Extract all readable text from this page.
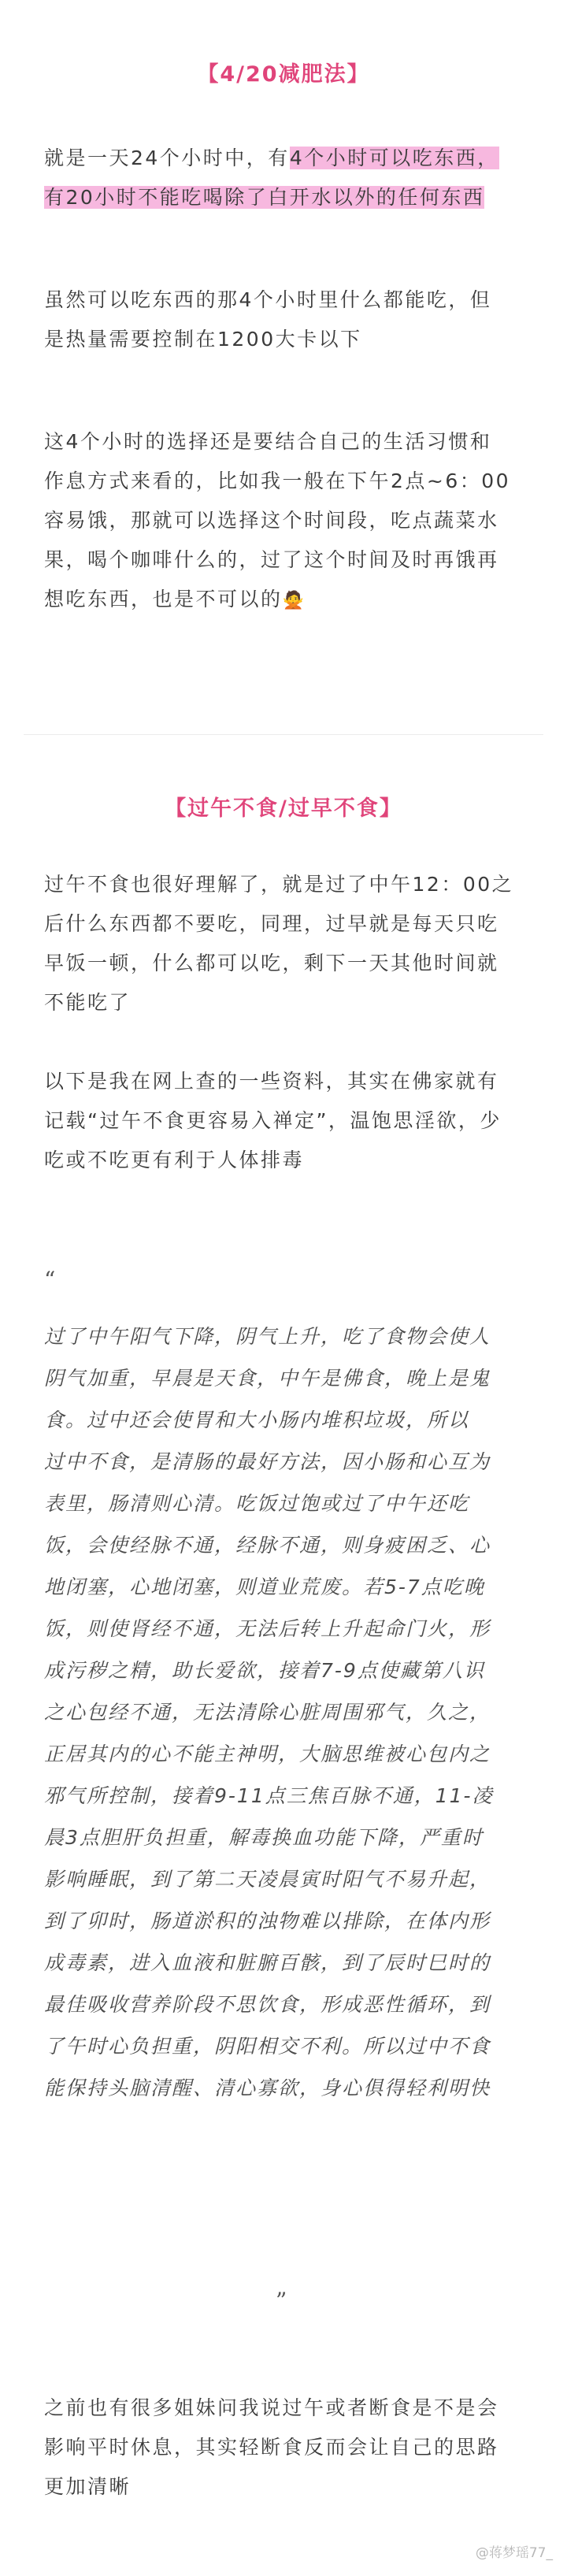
【4/20减肥法】
就是一天24个小时中，有4个小时可以吃东西，
有20小时不能吃喝除了白开水以外的任何东西
虽然可以吃东西的那4个小时里什么都能吃，但
是热量需要控制在1200大卡以下
这4个小时的选择还是要结合自己的生活习惯和
作息方式来看的，比如我一般在下午2点~6：00
容易饿，那就可以选择这个时间段，吃点蔬菜水
果，喝个咖啡什么的，过了这个时间及时再饿再
想吃东西，也是不可以的🙅
【过午不食/过早不食】
过午不食也很好理解了，就是过了中午12：00之
后什么东西都不要吃，同理，过早就是每天只吃
早饭一顿，什么都可以吃，剩下一天其他时间就
不能吃了
以下是我在网上查的一些资料，其实在佛家就有
记载“过午不食更容易入禅定”，温饱思淫欲，少
吃或不吃更有利于人体排毒
“
过了中午阳气下降，阴气上升，吃了食物会使人
阴气加重，早晨是天食，中午是佛食，晚上是鬼
食。过中还会使胃和大小肠内堆积垃圾，所以
过中不食，是清肠的最好方法，因小肠和心互为
表里，肠清则心清。吃饭过饱或过了中午还吃
饭，会使经脉不通，经脉不通，则身疲困乏、心
地闭塞，心地闭塞，则道业荒废。若5-7点吃晚
饭，则使肾经不通，无法后转上升起命门火，形
成污秽之精，助长爱欲，接着7-9点使藏第八识
之心包经不通，无法清除心脏周围邪气，久之，
正居其内的心不能主神明，大脑思维被心包内之
邪气所控制，接着9-11点三焦百脉不通，11-凌
晨3点胆肝负担重，解毒换血功能下降，严重时
影响睡眠，到了第二天凌晨寅时阳气不易升起，
到了卯时，肠道淤积的浊物难以排除，在体内形
成毒素，进入血液和脏腑百骸，到了辰时巳时的
最佳吸收营养阶段不思饮食，形成恶性循环，到
了午时心负担重，阴阳相交不利。所以过中不食
能保持头脑清醒、清心寡欲，身心俱得轻利明快
”
之前也有很多姐妹问我说过午或者断食是不是会
影响平时休息，其实轻断食反而会让自己的思路
更加清晰
@蒋梦瑶77_
